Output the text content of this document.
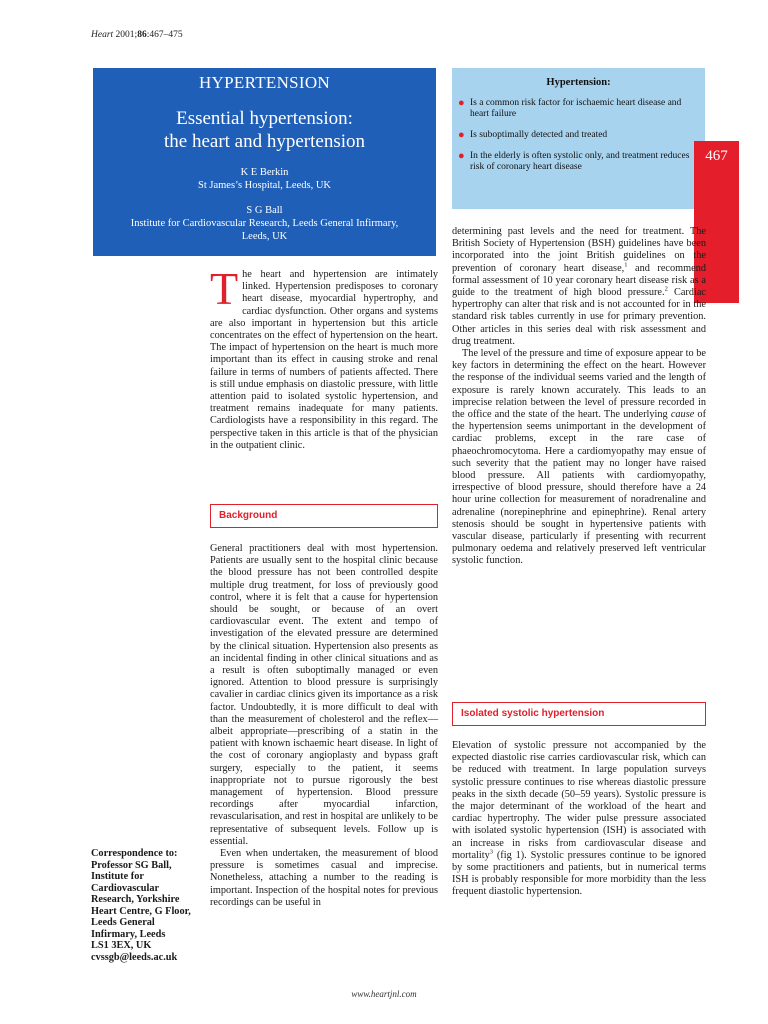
Heart 2001;86:467–475
HYPERTENSION
Essential hypertension:
the heart and hypertension
K E Berkin
St James’s Hospital, Leeds, UK
S G Ball
Institute for Cardiovascular Research, Leeds General Infirmary,
Leeds, UK
Hypertension:
● Is a common risk factor for ischaemic heart disease and heart failure
● Is suboptimally detected and treated
● In the elderly is often systolic only, and treatment reduces risk of coronary heart disease
467

The heart and hypertension are intimately linked. Hypertension predisposes to coronary heart disease, myocardial hypertrophy, and cardiac dysfunction. Other organs and systems are also important in hypertension but this article concentrates on the effect of hypertension on the heart. The impact of hypertension on the heart is much more important than its effect in causing stroke and renal failure in terms of numbers of patients affected. There is still undue emphasis on diastolic pressure, with little attention paid to isolated systolic hypertension, and treatment remains inadequate for many patients. Cardiologists have a responsibility in this regard. The perspective taken in this article is that of the physician in the outpatient clinic.

Background

General practitioners deal with most hypertension. Patients are usually sent to the hospital clinic because the blood pressure has not been controlled despite multiple drug treatment, for loss of previously good control, where it is felt that a cause for hypertension should be sought, or because of an overt cardiovascular event. The extent and tempo of investigation of the elevated pressure are determined by the clinical situation. Hypertension also presents as an incidental finding in other clinical situations and as a result is often suboptimally managed or even ignored. Attention to blood pressure is surprisingly cavalier in cardiac clinics given its importance as a risk factor. Undoubtedly, it is more difficult to deal with than the measurement of cholesterol and the reflex—albeit appropriate—prescribing of a statin in the patient with known ischaemic heart disease. In light of the cost of coronary angioplasty and bypass graft surgery, especially to the patient, it seems inappropriate not to pursue rigorously the best management of hypertension. Blood pressure recordings after myocardial infarction, revascularisation, and rest in hospital are unlikely to be representative of subsequent levels. Follow up is essential.

Even when undertaken, the measurement of blood pressure is sometimes casual and imprecise. Nonetheless, attaching a number to the reading is important. Inspection of the hospital notes for previous recordings can be useful in

determining past levels and the need for treatment. The British Society of Hypertension (BSH) guidelines have been incorporated into the joint British guidelines on the prevention of coronary heart disease,$^1$ and recommend formal assessment of 10 year coronary heart disease risk as a guide to the treatment of high blood pressure.$^2$ Cardiac hypertrophy can alter that risk and is not accounted for in the standard risk tables currently in use for primary prevention. Other articles in this series deal with risk assessment and drug treatment.

The level of the pressure and time of exposure appear to be key factors in determining the effect on the heart. However the response of the individual seems varied and the length of exposure is rarely known accurately. This leads to an imprecise relation between the level of pressure recorded in the office and the state of the heart. The underlying cause of the hypertension seems unimportant in the development of cardiac problems, except in the rare case of phaeochromocytoma. Here a cardiomyopathy may ensue of such severity that the patient may no longer have raised blood pressure. All patients with cardiomyopathy, irrespective of blood pressure, should therefore have a 24 hour urine collection for measurement of noradrenaline and adrenaline (norepinephrine and epinephrine). Renal artery stenosis should be sought in hypertensive patients with vascular disease, particularly if presenting with recurrent pulmonary oedema and relatively preserved left ventricular systolic function.

Isolated systolic hypertension

Elevation of systolic pressure not accompanied by the expected diastolic rise carries cardiovascular risk, which can be reduced with treatment. In large population surveys systolic pressure continues to rise whereas diastolic pressure peaks in the sixth decade (50–59 years). Systolic pressure is the major determinant of the workload of the heart and cardiac hypertrophy. The wider pulse pressure associated with isolated systolic hypertension (ISH) is associated with an increase in risks from cardiovascular disease and mortality$^3$ (fig 1). Systolic pressures continue to be ignored by some practitioners and patients, but in numerical terms ISH is probably responsible for more morbidity than the less frequent diastolic hypertension.

Correspondence to:
Professor SG Ball,
Institute for
Cardiovascular
Research, Yorkshire
Heart Centre, G Floor,
Leeds General
Infirmary, Leeds
LS1 3EX, UK
cvssgb@leeds.ac.uk
www.heartjnl.com
